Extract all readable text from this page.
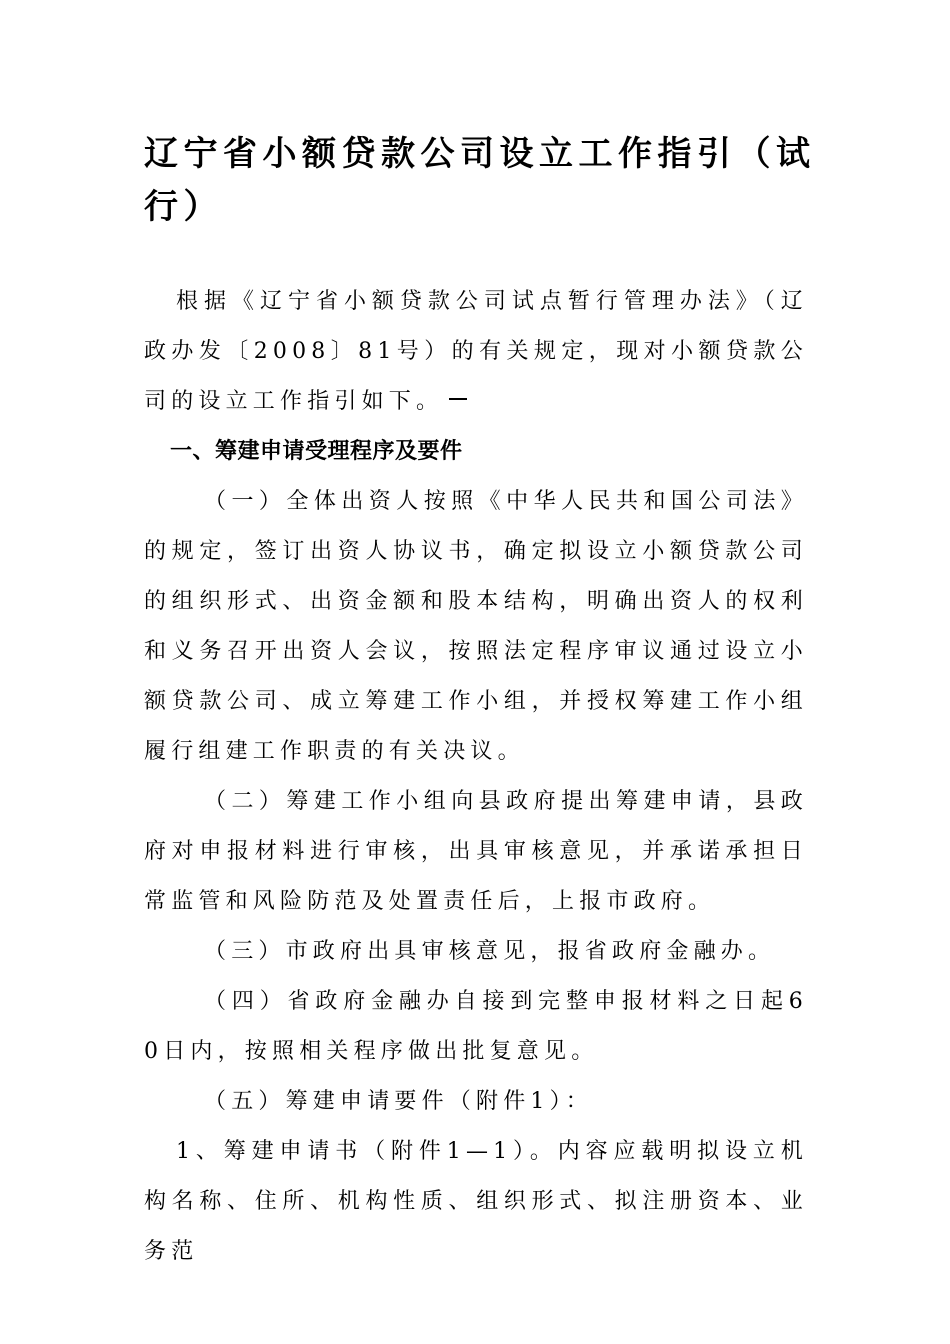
辽宁省小额贷款公司设立工作指引（试行）

根据《辽宁省小额贷款公司试点暂行管理办法》（辽政办发〔2008〕81号）的有关规定，现对小额贷款公司的设立工作指引如下。

一、筹建申请受理程序及要件

（一）全体出资人按照《中华人民共和国公司法》的规定，签订出资人协议书，确定拟设立小额贷款公司的组织形式、出资金额和股本结构，明确出资人的权利和义务召开出资人会议，按照法定程序审议通过设立小额贷款公司、成立筹建工作小组，并授权筹建工作小组履行组建工作职责的有关决议。

（二）筹建工作小组向县政府提出筹建申请，县政府对申报材料进行审核，出具审核意见，并承诺承担日常监管和风险防范及处置责任后，上报市政府。

（三）市政府出具审核意见，报省政府金融办。

（四）省政府金融办自接到完整申报材料之日起60日内，按照相关程序做出批复意见。

（五）筹建申请要件（附件1）：

1、筹建申请书（附件1—1）。内容应载明拟设立机构名称、住所、机构性质、组织形式、拟注册资本、业务范
